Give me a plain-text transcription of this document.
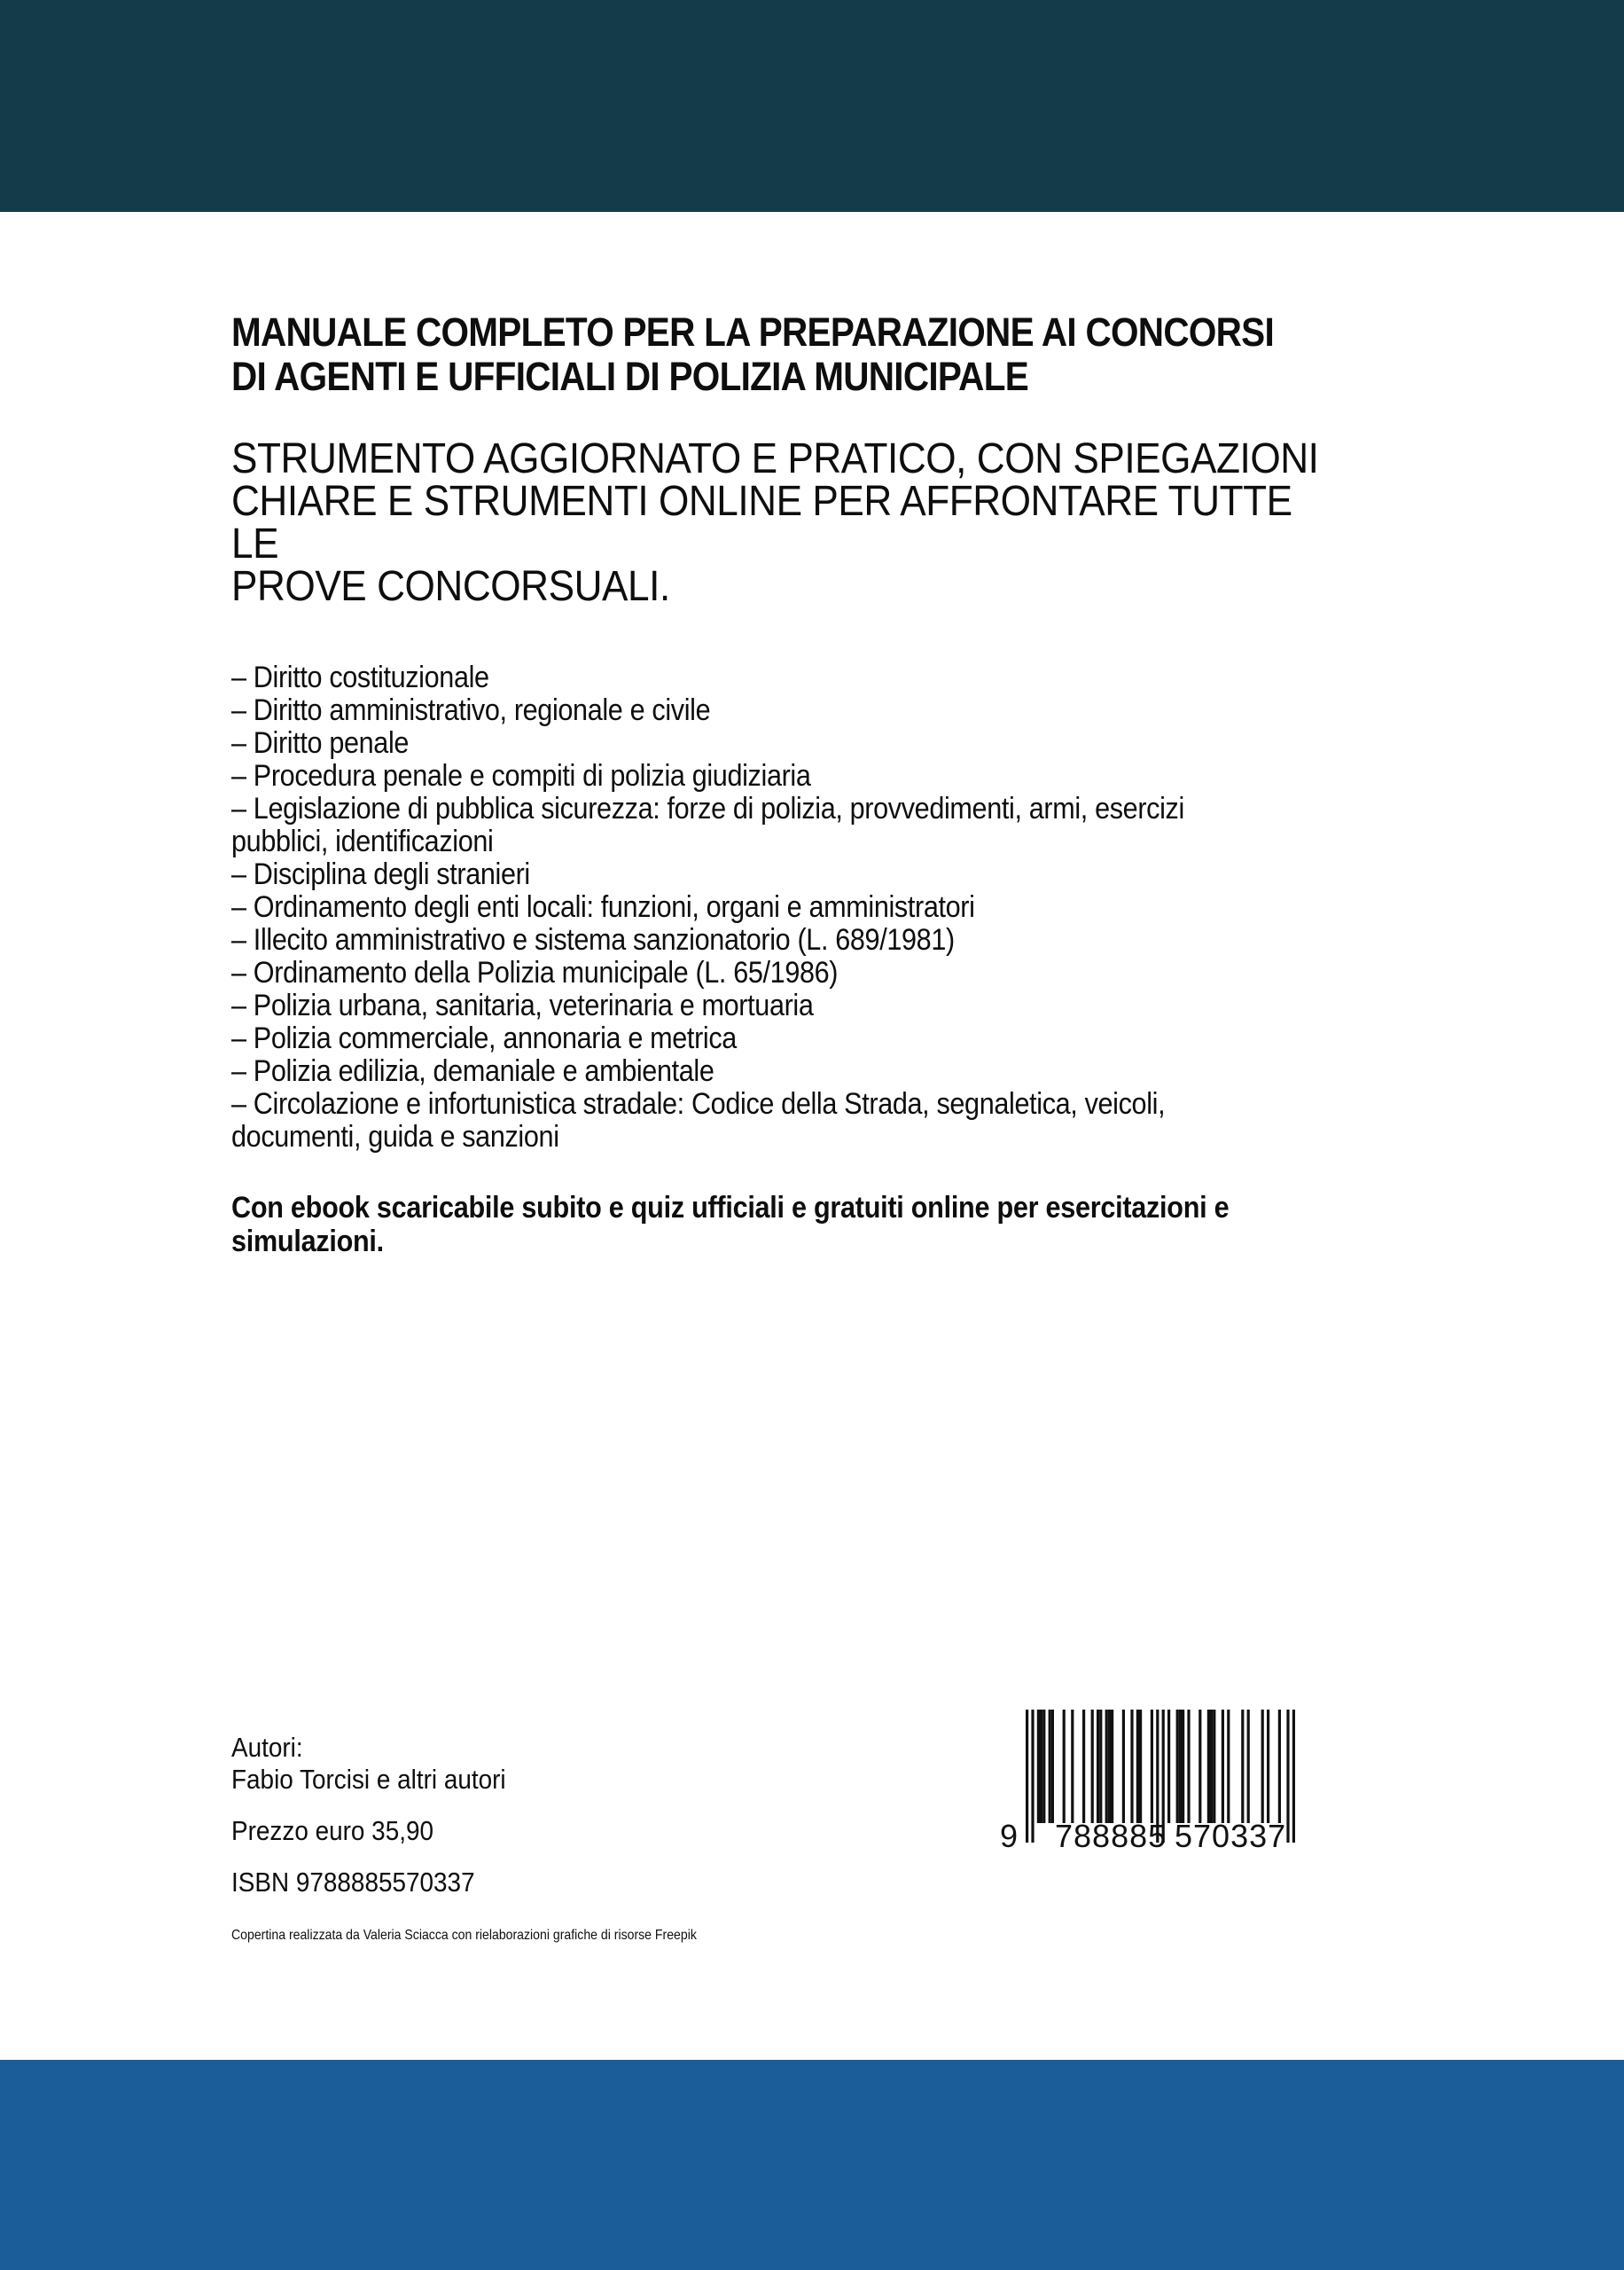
MANUALE COMPLETO PER LA PREPARAZIONE AI CONCORSI
DI AGENTI E UFFICIALI DI POLIZIA MUNICIPALE
STRUMENTO AGGIORNATO E PRATICO, CON SPIEGAZIONI
CHIARE E STRUMENTI ONLINE PER AFFRONTARE TUTTE LE
PROVE CONCORSUALI.
– Diritto costituzionale
– Diritto amministrativo, regionale e civile
– Diritto penale
– Procedura penale e compiti di polizia giudiziaria
– Legislazione di pubblica sicurezza: forze di polizia, provvedimenti, armi, esercizi
pubblici, identificazioni
– Disciplina degli stranieri
– Ordinamento degli enti locali: funzioni, organi e amministratori
– Illecito amministrativo e sistema sanzionatorio (L. 689/1981)
– Ordinamento della Polizia municipale (L. 65/1986)
– Polizia urbana, sanitaria, veterinaria e mortuaria
– Polizia commerciale, annonaria e metrica
– Polizia edilizia, demaniale e ambientale
– Circolazione e infortunistica stradale: Codice della Strada, segnaletica, veicoli,
documenti, guida e sanzioni

Con ebook scaricabile subito e quiz ufficiali e gratuiti online per esercitazioni e
simulazioni.

Autori:
Fabio Torcisi e altri autori
Prezzo euro 35,90
ISBN 9788885570337
Copertina realizzata da Valeria Sciacca con rielaborazioni grafiche di risorse Freepik
9 788885 570337
